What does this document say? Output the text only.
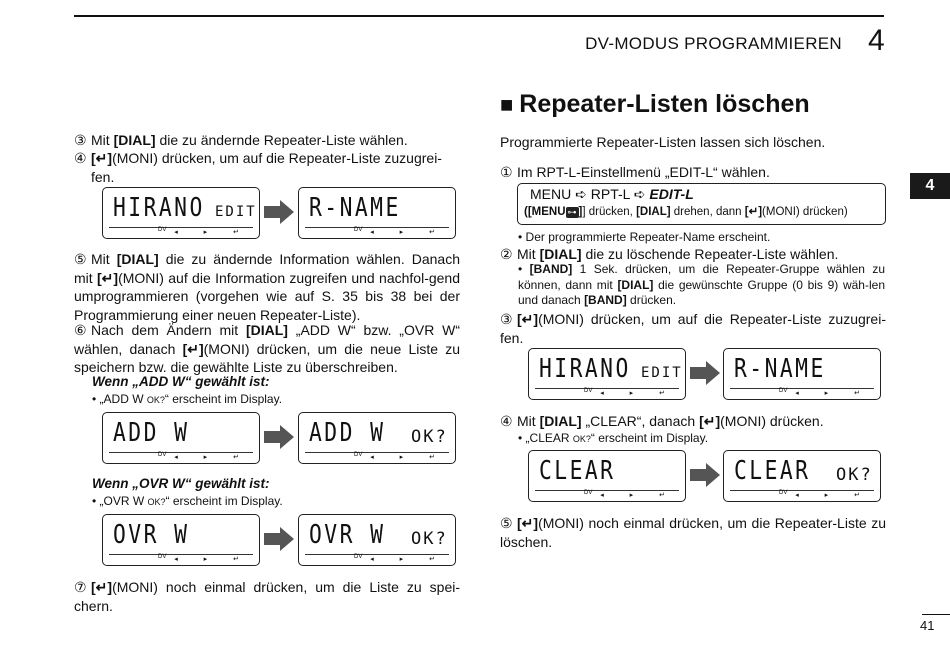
DV-MODUS PROGRAMMIEREN 4
4
③ Mit [DIAL] die zu ändernde Repeater-Liste wählen.
④ [↵](MONI) drücken, um auf die Repeater-Liste zuzugrei-
fen.
HIRANO EDIT
DV ◂ ▸ ↵
R-NAME
DV ◂ ▸ ↵
⑤ Mit [DIAL] die zu ändernde Information wählen. Danach mit [↵](MONI) auf die Information zugreifen und nachfol-gend umprogrammieren (vorgehen wie auf S. 35 bis 38 bei der Programmierung einer neuen Repeater-Liste).
⑥ Nach dem Ändern mit [DIAL] „ADD W“ bzw. „OVR W“ wählen, danach [↵](MONI) drücken, um die neue Liste zu speichern bzw. die gewählte Liste zu überschreiben.
Wenn „ADD W“ gewählt ist:
• „ADD W OK?“ erscheint im Display.
ADD W
DV ◂ ▸ ↵
ADD W OK?
DV ◂ ▸ ↵
Wenn „OVR W“ gewählt ist:
• „OVR W OK?“ erscheint im Display.
OVR W
DV ◂ ▸ ↵
OVR W OK?
DV ◂ ▸ ↵
⑦ [↵](MONI) noch einmal drücken, um die Liste zu spei-chern.
■ Repeater-Listen löschen
Programmierte Repeater-Listen lassen sich löschen.
① Im RPT-L-Einstellmenü „EDIT-L“ wählen.
MENU ➪ RPT-L ➪ EDIT-L
([MENU ⊶ ]] drücken, [DIAL] drehen, dann [↵](MONI) drücken)
• Der programmierte Repeater-Name erscheint.
② Mit [DIAL] die zu löschende Repeater-Liste wählen.
• [BAND] 1 Sek. drücken, um die Repeater-Gruppe wählen zu können, dann mit [DIAL] die gewünschte Gruppe (0 bis 9) wäh-len und danach [BAND] drücken.
③ [↵](MONI) drücken, um auf die Repeater-Liste zuzugrei-fen.
HIRANO EDIT
DV ◂ ▸ ↵
R-NAME
DV ◂ ▸ ↵
④ Mit [DIAL] „CLEAR“, danach [↵](MONI) drücken.
• „CLEAR OK?“ erscheint im Display.
CLEAR
DV ◂ ▸ ↵
CLEAR OK?
DV ◂ ▸ ↵
⑤ [↵](MONI) noch einmal drücken, um die Repeater-Liste zu löschen.
41
